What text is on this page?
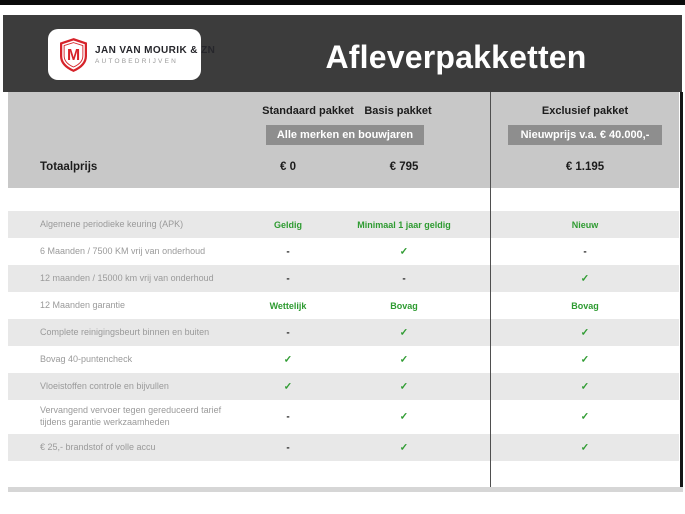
M JAN VAN MOURIK & ZN
AUTOBEDRIJVEN	Afleverpakketten
Standaard pakket Basis pakket	Exclusief pakket
Alle merken en bouwjaren	Nieuwprijs v.a. € 40.000,-
Totaalprijs	€ 0	€ 795	€ 1.195
Algemene periodieke keuring (APK)	Geldig	Minimaal 1 jaar geldig	Nieuw
6 Maanden / 7500 KM vrij van onderhoud	-	✓	-
12 maanden / 15000 km vrij van onderhoud	-	-	✓
12 Maanden garantie	Wettelijk	Bovag	Bovag
Complete reinigingsbeurt binnen en buiten	-	✓	✓
Bovag 40-puntencheck	✓	✓	✓
Vloeistoffen controle en bijvullen	✓	✓	✓
Vervangend vervoer tegen gereduceerd tarief tijdens garantie werkzaamheden	-	✓	✓
€ 25,- brandstof of volle accu	-	✓	✓
